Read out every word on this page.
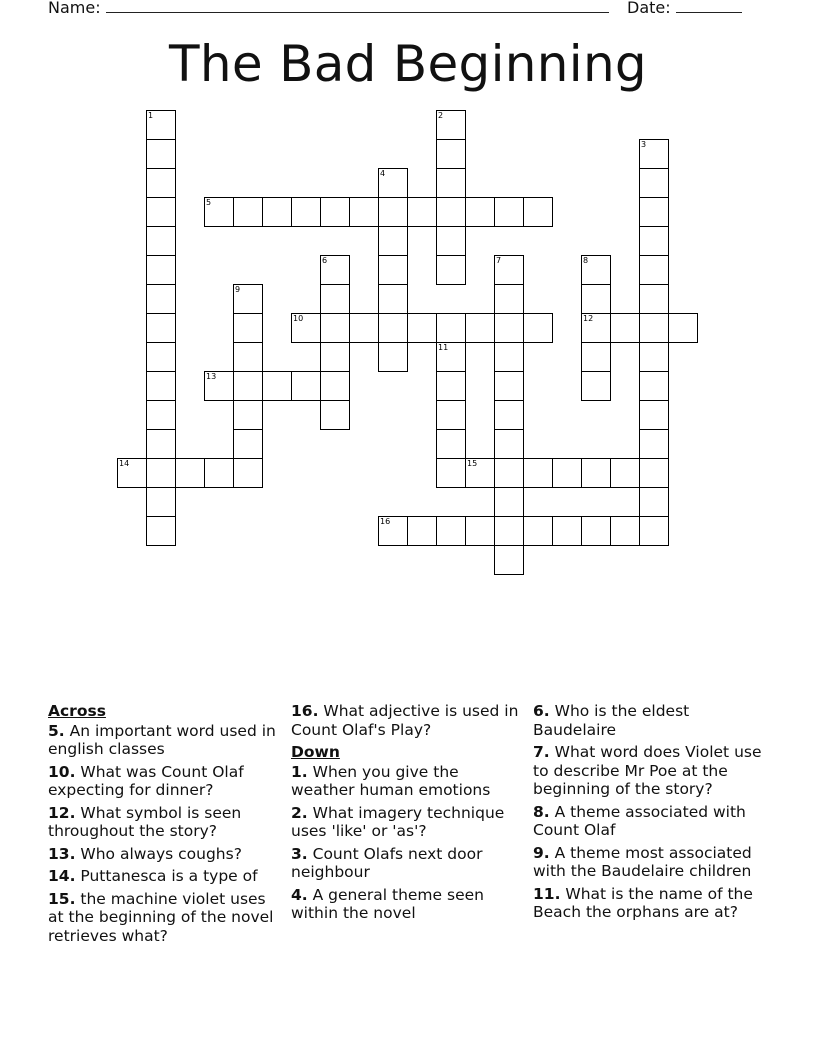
Name:	Date:
The Bad Beginning
1	2
3
4
6	7	8
12
9
11
5
10
13
14	15
16
Across
5. An important word used in english classes
10. What was Count Olaf expecting for dinner?
12. What symbol is seen throughout the story?
13. Who always coughs?
14. Puttanesca is a type of
15. the machine violet uses at the beginning of the novel retrieves what?
16. What adjective is used in Count Olaf's Play?
Down
1. When you give the weather human emotions
2. What imagery technique uses 'like' or 'as'?
3. Count Olafs next door neighbour
4. A general theme seen within the novel
6. Who is the eldest Baudelaire
7. What word does Violet use to describe Mr Poe at the beginning of the story?
8. A theme associated with Count Olaf
9. A theme most associated with the Baudelaire children
11. What is the name of the Beach the orphans are at?
